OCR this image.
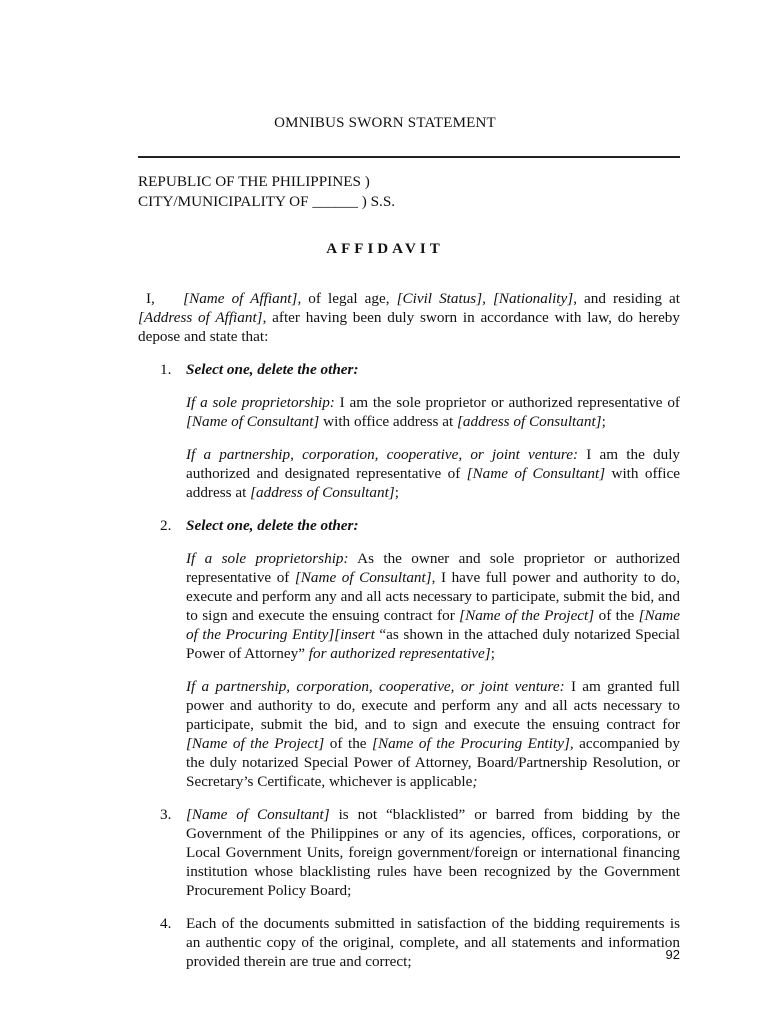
OMNIBUS SWORN STATEMENT
REPUBLIC OF THE PHILIPPINES )
CITY/MUNICIPALITY OF ______ ) S.S.
AFFIDAVIT

I, [Name of Affiant], of legal age, [Civil Status], [Nationality], and residing at [Address of Affiant], after having been duly sworn in accordance with law, do hereby depose and state that:

1. Select one, delete the other:

If a sole proprietorship: I am the sole proprietor or authorized representative of [Name of Consultant] with office address at [address of Consultant];

If a partnership, corporation, cooperative, or joint venture: I am the duly authorized and designated representative of [Name of Consultant] with office address at [address of Consultant];

2. Select one, delete the other:

If a sole proprietorship: As the owner and sole proprietor or authorized representative of [Name of Consultant], I have full power and authority to do, execute and perform any and all acts necessary to participate, submit the bid, and to sign and execute the ensuing contract for [Name of the Project] of the [Name of the Procuring Entity][insert “as shown in the attached duly notarized Special Power of Attorney” for authorized representative];

If a partnership, corporation, cooperative, or joint venture: I am granted full power and authority to do, execute and perform any and all acts necessary to participate, submit the bid, and to sign and execute the ensuing contract for [Name of the Project] of the [Name of the Procuring Entity], accompanied by the duly notarized Special Power of Attorney, Board/Partnership Resolution, or Secretary’s Certificate, whichever is applicable;

3. [Name of Consultant] is not “blacklisted” or barred from bidding by the Government of the Philippines or any of its agencies, offices, corporations, or Local Government Units, foreign government/foreign or international financing institution whose blacklisting rules have been recognized by the Government Procurement Policy Board;

4. Each of the documents submitted in satisfaction of the bidding requirements is an authentic copy of the original, complete, and all statements and information provided therein are true and correct;	92
